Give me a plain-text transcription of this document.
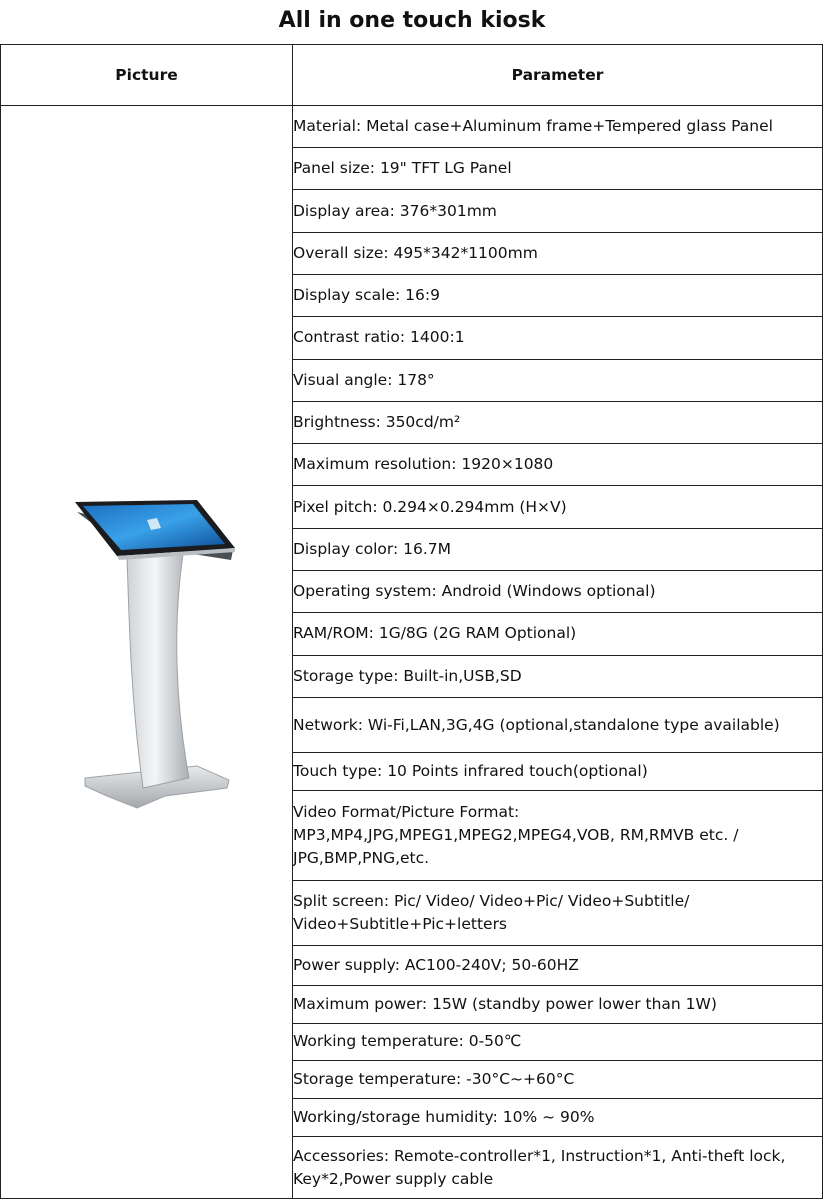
All in one touch kiosk
Picture	Parameter

	Material: Metal case+Aluminum frame+Tempered glass Panel
	Panel size: 19" TFT LG Panel
	Display area: 376*301mm
	Overall size: 495*342*1100mm
	Display scale: 16:9
	Contrast ratio: 1400:1
	Visual angle: 178°
	Brightness: 350cd/m²
	Maximum resolution: 1920×1080
	Pixel pitch: 0.294×0.294mm (H×V)
	Display color: 16.7M
	Operating system: Android (Windows optional)
	RAM/ROM: 1G/8G (2G RAM Optional)
	Storage type: Built-in,USB,SD
	Network: Wi-Fi,LAN,3G,4G (optional,standalone type available)
	Touch type: 10 Points infrared touch(optional)
	Video Format/Picture Format: MP3,MP4,JPG,MPEG1,MPEG2,MPEG4,VOB, RM,RMVB etc. / JPG,BMP,PNG,etc.
	Split screen: Pic/ Video/ Video+Pic/ Video+Subtitle/ Video+Subtitle+Pic+letters
	Power supply: AC100-240V; 50-60HZ
	Maximum power: 15W (standby power lower than 1W)
	Working temperature: 0-50℃
	Storage temperature: -30°C~+60°C
	Working/storage humidity: 10% ~ 90%
	Accessories: Remote-controller*1, Instruction*1, Anti-theft lock, Key*2,Power supply cable
